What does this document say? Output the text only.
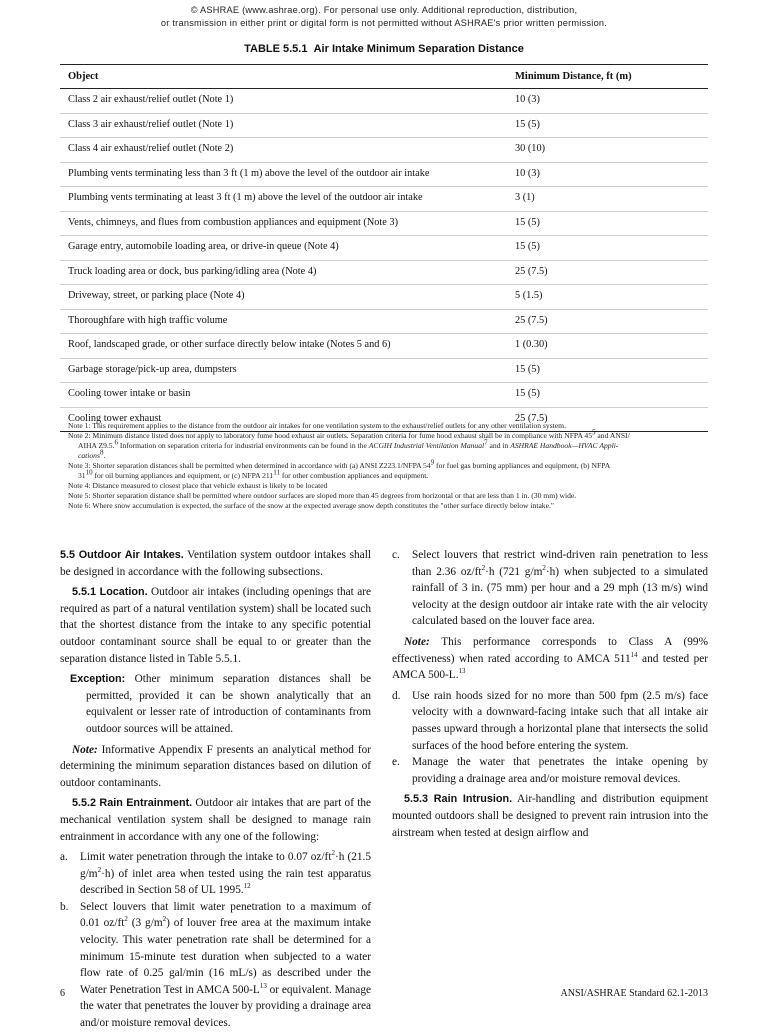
© ASHRAE (www.ashrae.org). For personal use only. Additional reproduction, distribution,
or transmission in either print or digital form is not permitted without ASHRAE's prior written permission.
TABLE 5.5.1 Air Intake Minimum Separation Distance
Object	Minimum Distance, ft (m)
Class 2 air exhaust/relief outlet (Note 1)	10 (3)
Class 3 air exhaust/relief outlet (Note 1)	15 (5)
Class 4 air exhaust/relief outlet (Note 2)	30 (10)
Plumbing vents terminating less than 3 ft (1 m) above the level of the outdoor air intake	10 (3)
Plumbing vents terminating at least 3 ft (1 m) above the level of the outdoor air intake	3 (1)
Vents, chimneys, and flues from combustion appliances and equipment (Note 3)	15 (5)
Garage entry, automobile loading area, or drive-in queue (Note 4)	15 (5)
Truck loading area or dock, bus parking/idling area (Note 4)	25 (7.5)
Driveway, street, or parking place (Note 4)	5 (1.5)
Thoroughfare with high traffic volume	25 (7.5)
Roof, landscaped grade, or other surface directly below intake (Notes 5 and 6)	1 (0.30)
Garbage storage/pick-up area, dumpsters	15 (5)
Cooling tower intake or basin	15 (5)
Cooling tower exhaust	25 (7.5)
Note 1: This requirement applies to the distance from the outdoor air intakes for one ventilation system to the exhaust/relief outlets for any other ventilation system.
Note 2: Minimum distance listed does not apply to laboratory fume hood exhaust air outlets. Separation criteria for fume hood exhaust shall be in compliance with NFPA $45^5$ and ANSI/
AIHA Z9.5.$^6$ Information on separation criteria for industrial environments can be found in the ACGIH Industrial Ventilation Manual$^7$ and in ASHRAE Handbook—HVAC Appli-
cations$^8$.
Note 3: Shorter separation distances shall be permitted when determined in accordance with (a) ANSI Z223.1/NFPA $54^9$ for fuel gas burning appliances and equipment, (b) NFPA
$31^{10}$ for oil burning appliances and equipment, or (c) NFPA $211^{11}$ for other combustion appliances and equipment.
Note 4: Distance measured to closest place that vehicle exhaust is likely to be located
Note 5: Shorter separation distance shall be permitted where outdoor surfaces are sloped more than 45 degrees from horizontal or that are less than 1 in. (30 mm) wide.
Note 6: Where snow accumulation is expected, the surface of the snow at the expected average snow depth constitutes the "other surface directly below intake."

5.5 Outdoor Air Intakes. Ventilation system outdoor intakes shall be designed in accordance with the following subsections.

5.5.1 Location. Outdoor air intakes (including openings that are required as part of a natural ventilation system) shall be located such that the shortest distance from the intake to any specific potential outdoor contaminant source shall be equal to or greater than the separation distance listed in Table 5.5.1.

Exception: Other minimum separation distances shall be permitted, provided it can be shown analytically that an equivalent or lesser rate of introduction of contaminants from outdoor sources will be attained.

Note: Informative Appendix F presents an analytical method for determining the minimum separation distances based on dilution of outdoor contaminants.

5.5.2 Rain Entrainment. Outdoor air intakes that are part of the mechanical ventilation system shall be designed to manage rain entrainment in accordance with any one of the following:

a. Limit water penetration through the intake to 0.07 $oz/ft^2\cdot h$ (21.5 $g/m^2\cdot h$) of inlet area when tested using the rain test apparatus described in Section 58 of UL 1995.12
b. Select louvers that limit water penetration to a maximum of 0.01 $oz/ft^2$ (3 $g/m^2$) of louver free area at the maximum intake velocity. This water penetration rate shall be determined for a minimum 15-minute test duration when subjected to a water flow rate of 0.25 gal/min (16 mL/s) as described under the Water Penetration Test in AMCA $500-L^{13}$ or equivalent. Manage the water that penetrates the louver by providing a drainage area and/or moisture removal devices.
c. Select louvers that restrict wind-driven rain penetration to less than 2.36 $oz/ft^2\cdot h$ (721 $g/m^2\cdot h$) when subjected to a simulated rainfall of 3 in. (75 mm) per hour and a 29 mph (13 m/s) wind velocity at the design outdoor air intake rate with the air velocity calculated based on the louver face area.

Note: This performance corresponds to Class A (99% effectiveness) when rated according to AMCA $511^{14}$ and tested per AMCA 500-L.$^{13}$

d. Use rain hoods sized for no more than 500 fpm (2.5 m/s) face velocity with a downward-facing intake such that all intake air passes upward through a horizontal plane that intersects the solid surfaces of the hood before entering the system.
e. Manage the water that penetrates the intake opening by providing a drainage area and/or moisture removal devices.

5.5.3 Rain Intrusion. Air-handling and distribution equipment mounted outdoors shall be designed to prevent rain intrusion into the airstream when tested at design airflow and

6	ANSI/ASHRAE Standard 62.1-2013
